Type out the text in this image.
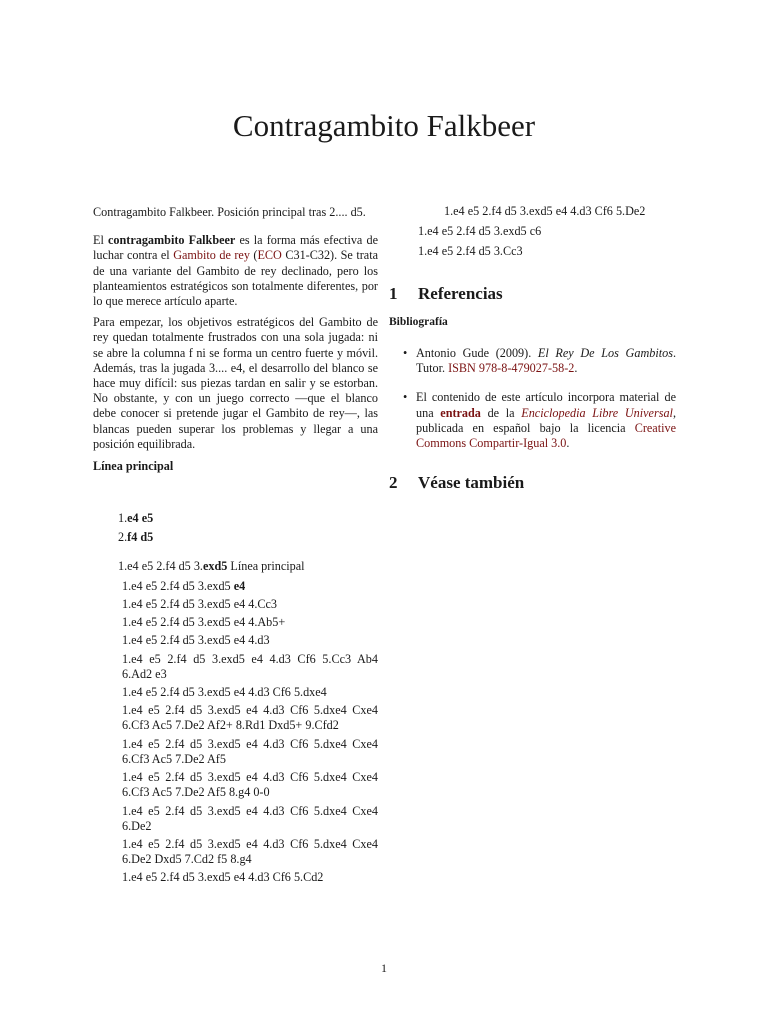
Contragambito Falkbeer

Contragambito Falkbeer. Posición principal tras 2.... d5.

El contragambito Falkbeer es la forma más efectiva de luchar contra el Gambito de rey (ECO C31-C32). Se trata de una variante del Gambito de rey declinado, pero los planteamientos estratégicos son totalmente diferentes, por lo que merece artículo aparte.

Para empezar, los objetivos estratégicos del Gambito de rey quedan totalmente frustrados con una sola jugada: ni se abre la columna f ni se forma un centro fuerte y móvil. Además, tras la jugada 3.... e4, el desarrollo del blanco se hace muy difícil: sus piezas tardan en salir y se estorban. No obstante, y con un juego correcto —que el blanco debe conocer si pretende jugar el Gambito de rey—, las blancas pueden superar los problemas y llegar a una posición equilibrada.

Línea principal

1.e4 e5
2.f4 d5
1.e4 e5 2.f4 d5 3.exd5 Línea principal
1.e4 e5 2.f4 d5 3.exd5 e4
1.e4 e5 2.f4 d5 3.exd5 e4 4.Cc3
1.e4 e5 2.f4 d5 3.exd5 e4 4.Ab5+
1.e4 e5 2.f4 d5 3.exd5 e4 4.d3
1.e4 e5 2.f4 d5 3.exd5 e4 4.d3 Cf6 5.Cc3 Ab4 6.Ad2 e3
1.e4 e5 2.f4 d5 3.exd5 e4 4.d3 Cf6 5.dxe4
1.e4 e5 2.f4 d5 3.exd5 e4 4.d3 Cf6 5.dxe4 Cxe4 6.Cf3 Ac5 7.De2 Af2+ 8.Rd1 Dxd5+ 9.Cfd2
1.e4 e5 2.f4 d5 3.exd5 e4 4.d3 Cf6 5.dxe4 Cxe4 6.Cf3 Ac5 7.De2 Af5
1.e4 e5 2.f4 d5 3.exd5 e4 4.d3 Cf6 5.dxe4 Cxe4 6.Cf3 Ac5 7.De2 Af5 8.g4 0-0
1.e4 e5 2.f4 d5 3.exd5 e4 4.d3 Cf6 5.dxe4 Cxe4 6.De2
1.e4 e5 2.f4 d5 3.exd5 e4 4.d3 Cf6 5.dxe4 Cxe4 6.De2 Dxd5 7.Cd2 f5 8.g4
1.e4 e5 2.f4 d5 3.exd5 e4 4.d3 Cf6 5.Cd2
1.e4 e5 2.f4 d5 3.exd5 e4 4.d3 Cf6 5.De2
1.e4 e5 2.f4 d5 3.exd5 c6
1.e4 e5 2.f4 d5 3.Cc3
1	Referencias
Bibliografía
• Antonio Gude (2009). El Rey De Los Gambitos. Tutor. ISBN 978-8-479027-58-2.
• El contenido de este artículo incorpora material de una entrada de la Enciclopedia Libre Universal, publicada en español bajo la licencia Creative Commons Compartir-Igual 3.0.
2	Véase también
1
